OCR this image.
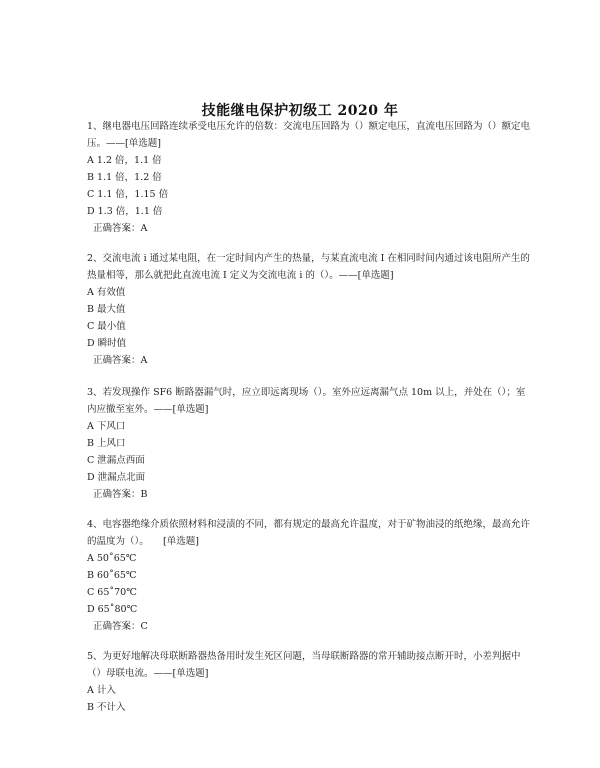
技能继电保护初级工 2020 年
1、继电器电压回路连续承受电压允许的倍数：交流电压回路为（）额定电压，直流电压回路为（）额定电压。——[单选题]
A 1.2 倍，1.1 倍
B 1.1 倍，1.2 倍
C 1.1 倍，1.15 倍
D 1.3 倍，1.1 倍
正确答案：A
2、交流电流 i 通过某电阻，在一定时间内产生的热量，与某直流电流 I 在相同时间内通过该电阻所产生的热量相等，那么就把此直流电流 I 定义为交流电流 i 的（）。——[单选题]
A 有效值
B 最大值
C 最小值
D 瞬时值
正确答案：A
3、若发现操作 SF6 断路器漏气时，应立即远离现场（）。室外应远离漏气点 10m 以上，并处在（）；室内应撤至室外。——[单选题]
A 下风口
B 上风口
C 泄漏点西面
D 泄漏点北面
正确答案：B
4、电容器绝缘介质依照材料和浸渍的不同，都有规定的最高允许温度，对于矿物油浸的纸绝缘，最高允许的温度为（）。　　[单选题]
A 50˚65℃
B 60˚65℃
C 65˚70℃
D 65˚80℃
正确答案：C
5、为更好地解决母联断路器热备用时发生死区问题，当母联断路器的常开辅助接点断开时，小差判据中（）母联电流。——[单选题]
A 计入
B 不计入
